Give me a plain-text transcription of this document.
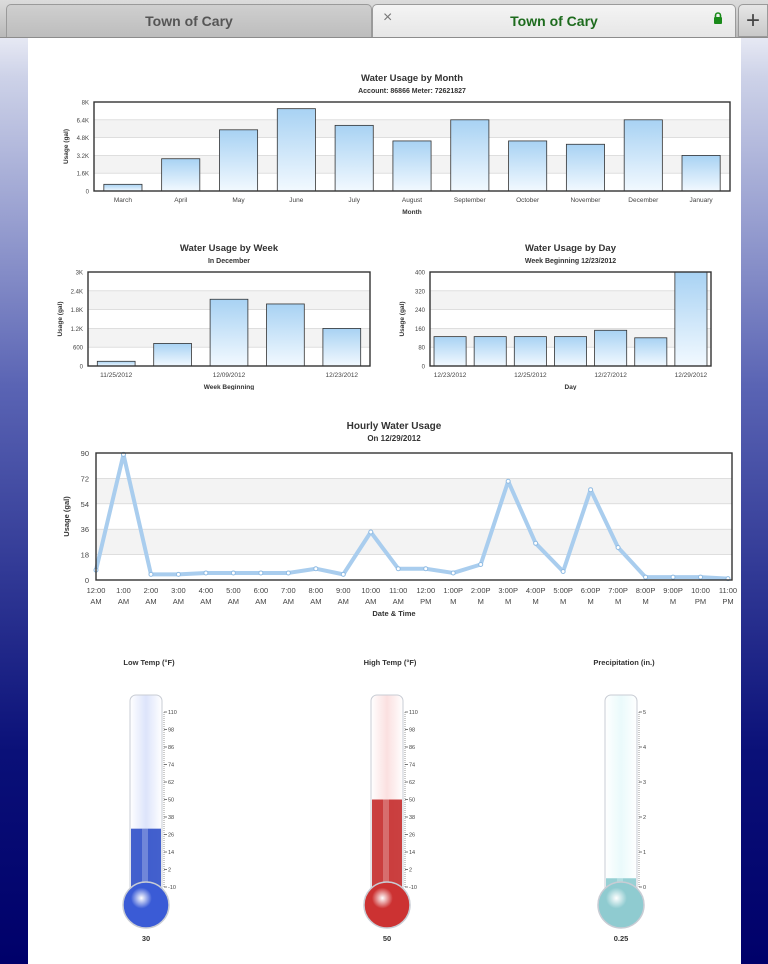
Town of Cary	Town of Cary
×	+
Water Usage by Month
Account: 86866 Meter: 72621827
0
1.6K
3.2K
4.8K
6.4K
8K
March	April	May	June	July	August	September	October	November	December	January
Month
Usage (gal)
Water Usage by Week
In December
0
600
1.2K
1.8K
2.4K
3K
11/25/2012	12/09/2012	12/23/2012
Week Beginning
Usage (gal)
Water Usage by Day
Week Beginning 12/23/2012
0
80
160
240
320
400
12/23/2012	12/25/2012	12/27/2012	12/29/2012
Day
Usage (gal)
Hourly Water Usage
On 12/29/2012
0
18
36
54
72
90
12:00
AM
1:00
AM
2:00
AM
3:00
AM
4:00
AM
5:00
AM
6:00
AM
7:00
AM
8:00
AM
9:00
AM
10:00
AM
11:00
AM
12:00
PM
1:00P
M
2:00P
M
3:00P
M
4:00P
M
5:00P
M
6:00P
M
7:00P
M
8:00P
M
9:00P
M
10:00
PM
11:00
PM
Date & Time
Usage (gal)
Low Temp (°F)
110
98
86
74
62
50
38
26
14
2
-10
30
High Temp (°F)
110
98
86
74
62
50
38
26
14
2
-10
50
Precipitation (in.)
5
4
3
2
1
0
0.25
